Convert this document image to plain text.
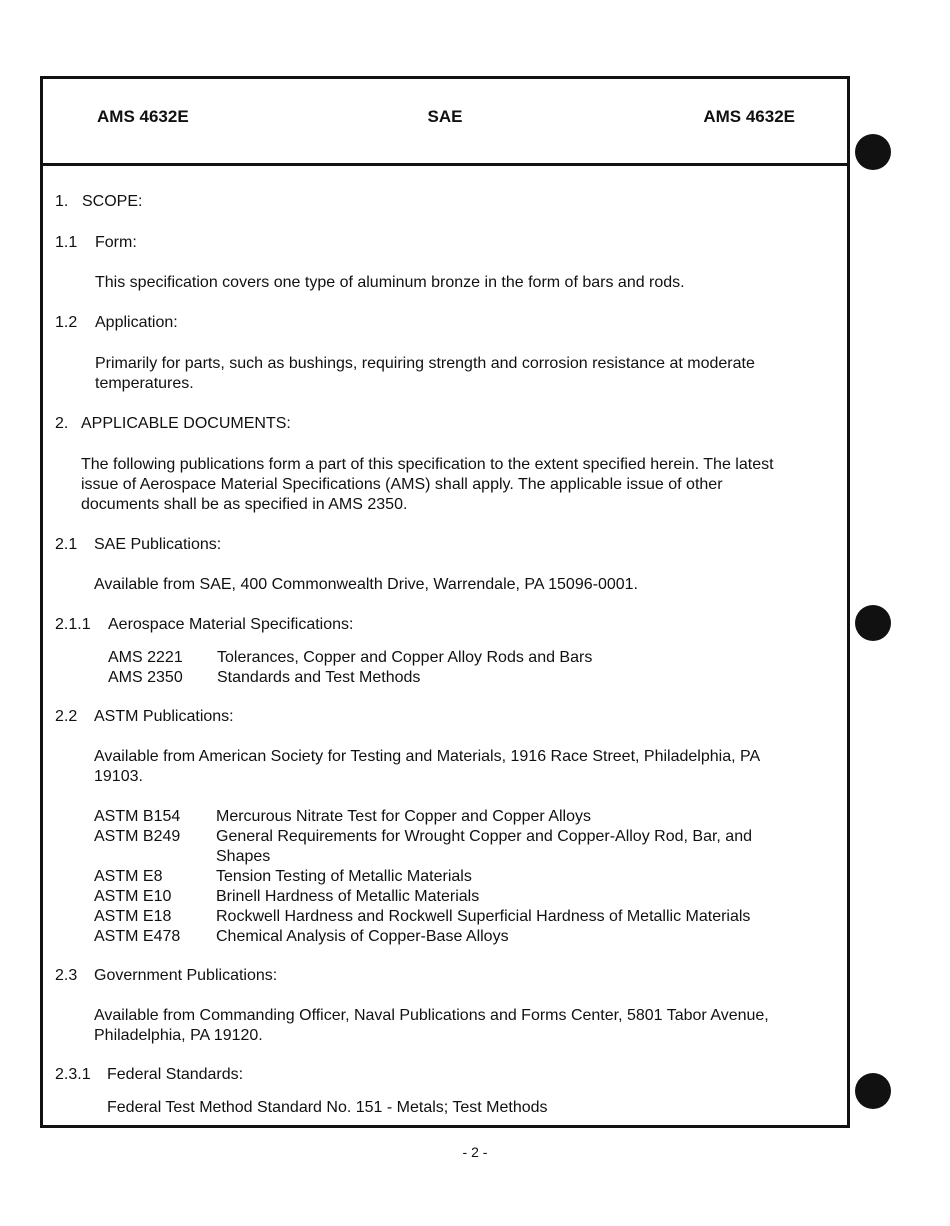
AMS 4632E	SAE	AMS 4632E
1. SCOPE:
1.1 Form:
This specification covers one type of aluminum bronze in the form of bars and rods.
1.2 Application:
Primarily for parts, such as bushings, requiring strength and corrosion resistance at moderate
temperatures.
2. APPLICABLE DOCUMENTS:
The following publications form a part of this specification to the extent specified herein. The latest
issue of Aerospace Material Specifications (AMS) shall apply. The applicable issue of other
documents shall be as specified in AMS 2350.
2.1 SAE Publications:
Available from SAE, 400 Commonwealth Drive, Warrendale, PA 15096-0001.
2.1.1 Aerospace Material Specifications:
AMS 2221 Tolerances, Copper and Copper Alloy Rods and Bars
AMS 2350 Standards and Test Methods
2.2 ASTM Publications:
Available from American Society for Testing and Materials, 1916 Race Street, Philadelphia, PA
19103.
ASTM B154 Mercurous Nitrate Test for Copper and Copper Alloys
ASTM B249 General Requirements for Wrought Copper and Copper-Alloy Rod, Bar, and
Shapes
ASTM E8	Tension Testing of Metallic Materials
ASTM E10	Brinell Hardness of Metallic Materials
ASTM E18	Rockwell Hardness and Rockwell Superficial Hardness of Metallic Materials
ASTM E478 Chemical Analysis of Copper-Base Alloys
2.3 Government Publications:
Available from Commanding Officer, Naval Publications and Forms Center, 5801 Tabor Avenue,
Philadelphia, PA 19120.
2.3.1 Federal Standards:
Federal Test Method Standard No. 151 - Metals; Test Methods
- 2 -
